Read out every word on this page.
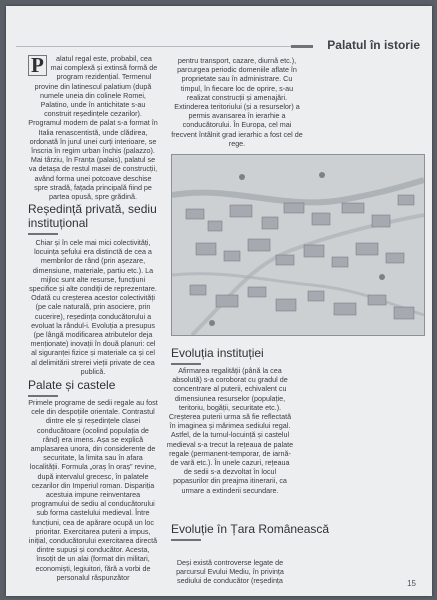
Palatul în istorie

P	alatul regal este, probabil, cea mai complexă și extinsă formă de program rezidențial. Termenul provine din latinescul palatium (după numele uneia din colinele Romei, Palatino, unde în antichitate s-au construit reședințele cezarilor). Programul modern de palat s-a format în Italia renascentistă, unde clădirea, ordonată în jurul unei curți interioare, se înscria în regim urban închis (palazzo). Mai târziu, în Franța (palais), palatul se va detașa de restul masei de construcții, având forma unei potcoave deschise spre stradă, fațada principală fiind pe partea opusă, spre grădină.

Reședință privată, sediu instituțional

Chiar și în cele mai mici colectivități, locuința șefului era distinctă de cea a membrilor de rând (prin așezare, dimensiune, materiale, partiu etc.). La mijloc sunt alte resurse, funcțiuni specifice și alte condiții de reprezentare. Odată cu creșterea acestor colectivități (pe cale naturală, prin asociere, prin cucerire), reședința conducătorului a evoluat la rândul-i. Evoluția a presupus (pe lângă modificarea atributelor deja menționate) inovații în două planuri: cel al siguranței fizice și materiale ca și cel al delimitării strerei vieții private de cea publică.

Palate și castele

Primele programe de sedii regale au fost cele din despoțiile orientale. Contrastul dintre ele și reședințele clasei conducătoare (ocolind populația de rând) era imens. Așa se explică amplasarea unora, din considerente de securitate, la limita sau în afara localității. Formula „oraș în oraș” revine, după intervalul grecesc, în palatele cezarilor din Imperiul roman. Dispariția acestuia impune reinventarea programului de sediu al conducătorului sub forma castelului medieval. Între funcțiuni, cea de apărare ocupă un loc prioritar. Exercitarea puterii a impus, inițial, conducătorului exercitarea directă dintre supuși și conducător. Acesta, însoțit de un alai (format din militari, economiști, legiuitori, fără a vorbi de personalul răspunzător

pentru transport, cazare, diurnă etc.), parcurgea periodic domeniile aflate în proprietate sau în administrare. Cu timpul, în fiecare loc de oprire, s-au realizat construcții și amenajări. Extinderea teritoriului (și a resurselor) a permis avansarea în ierarhie a conducătorului. În Europa, cel mai frecvent întâlnit grad ierarhic a fost cel de rege.

Evoluția instituției

Afirmarea regalității (până la cea absolută) s-a coroborat cu gradul de concentrare al puterii, echivalent cu dimensiunea resurselor (populație, teritoriu, bogății, securitate etc.). Creșterea puterii urma să fie reflectată în imaginea și mărimea sediului regal. Astfel, de la turnul-locuință și castelul medieval s-a trecut la rețeaua de palate regale (permanent-temporar, de iarnă-de vară etc.). În unele cazuri, rețeaua de sedii s-a dezvoltat în locul popasurilor din preajma itinerarii, ca urmare a extinderii secundare.

Evoluție în Țara Românească

Deși există controverse legate de parcursul Evului Mediu, în privința sediului de conducător (reședința	15
